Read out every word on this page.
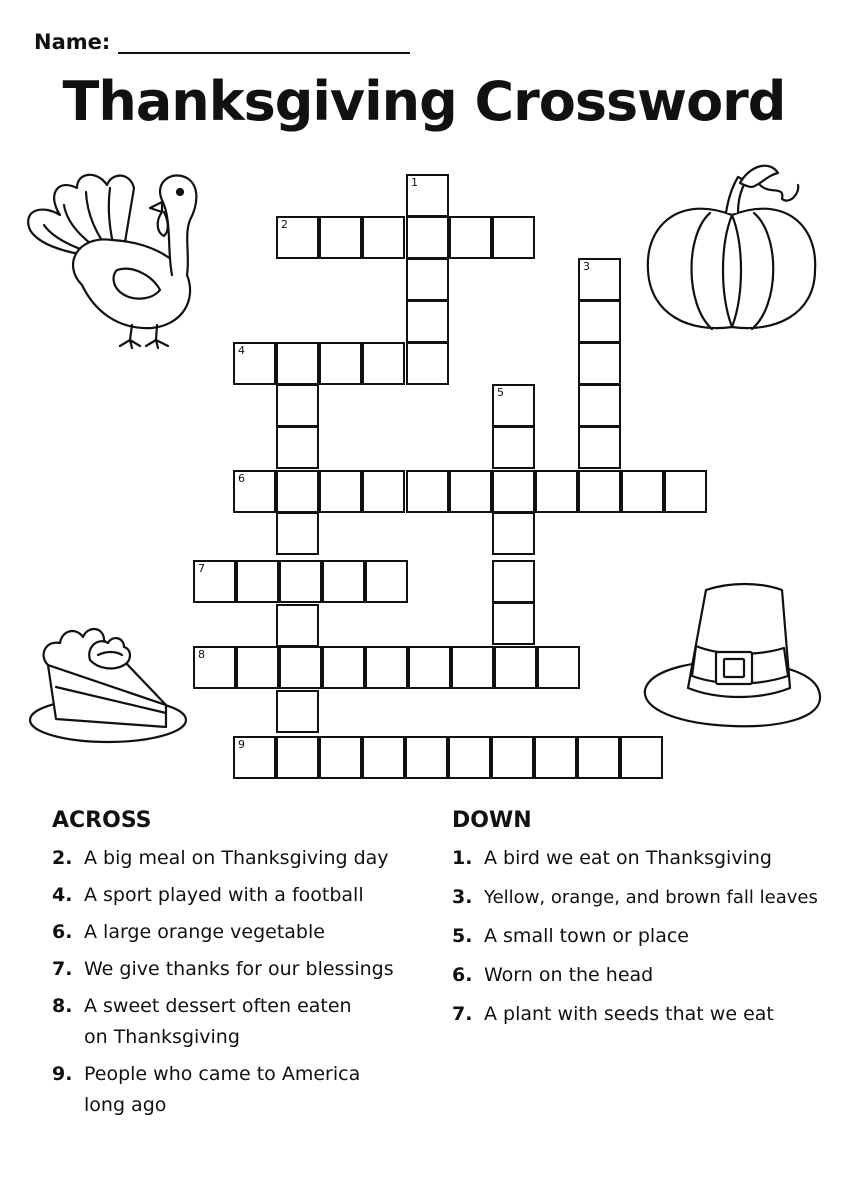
Name:
Thanksgiving Crossword
1
2
3
4
5
6
7
8
9
ACROSS
2. A big meal on Thanksgiving day
4. A sport played with a football
6. A large orange vegetable
7. We give thanks for our blessings
8. A sweet dessert often eaten on Thanksgiving
9. People who came to America long ago
DOWN
1. A bird we eat on Thanksgiving
3. Yellow, orange, and brown fall leaves
5. A small town or place
6. Worn on the head
7. A plant with seeds that we eat
